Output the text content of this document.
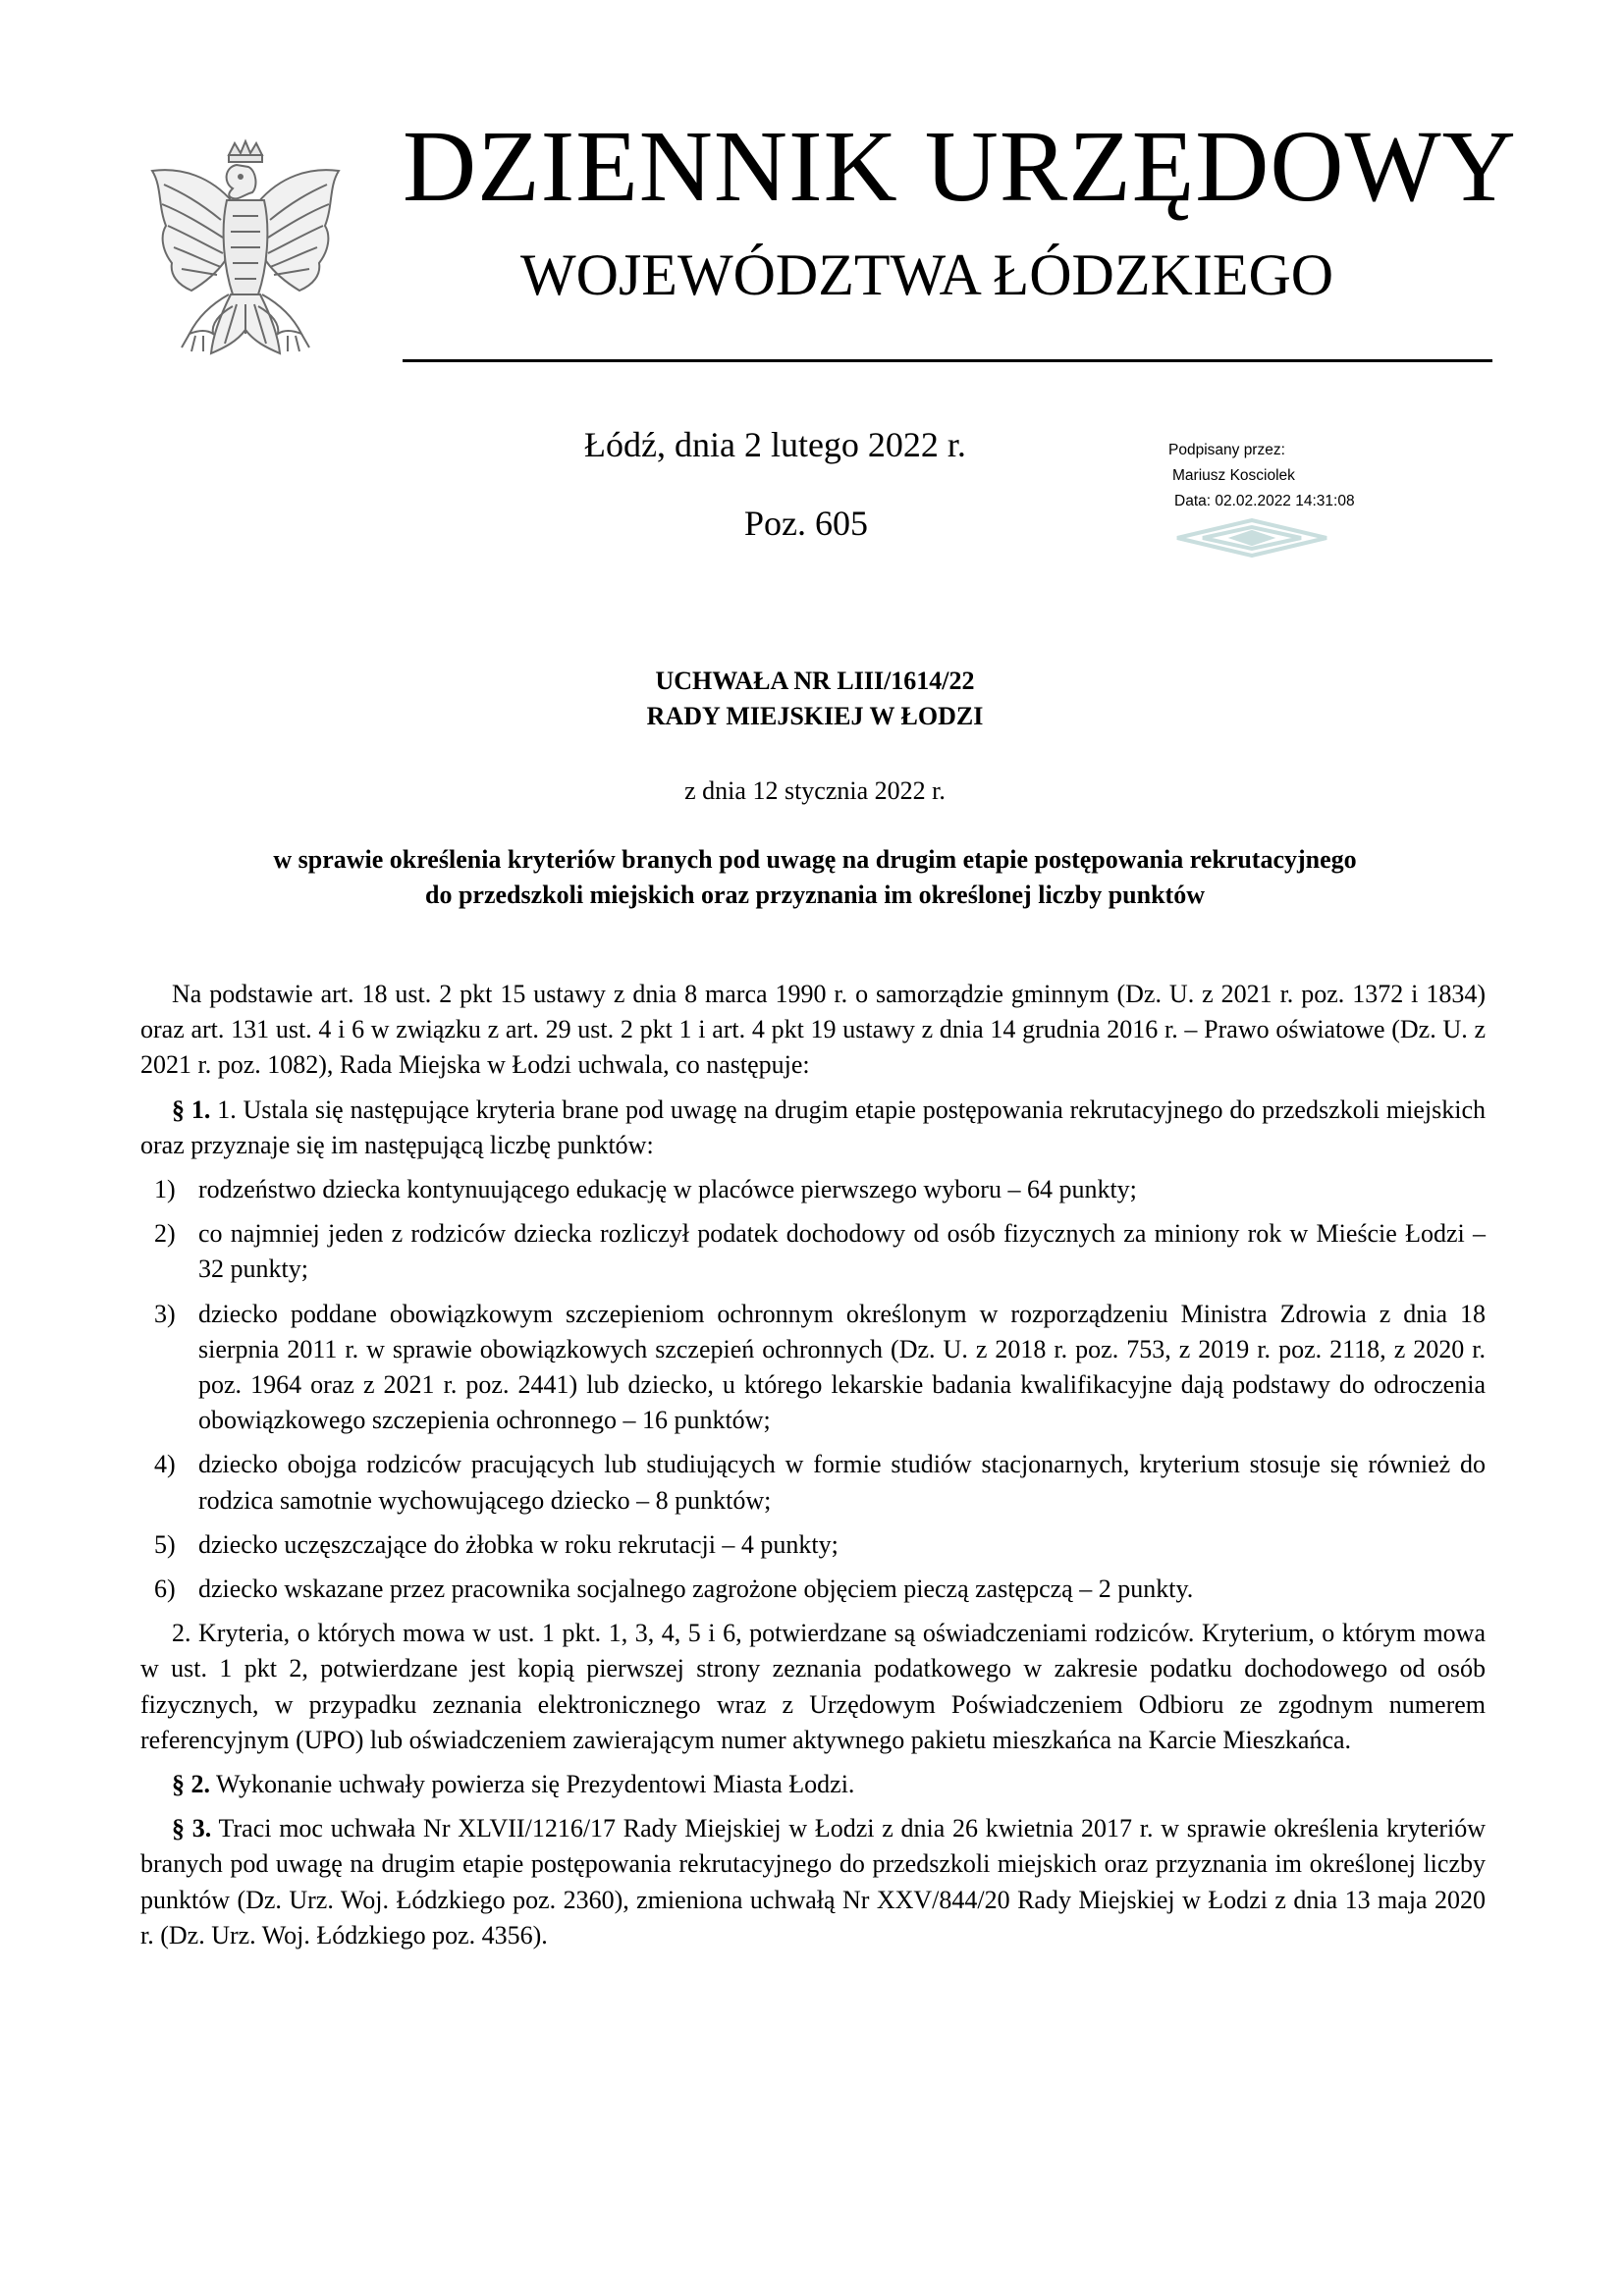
DZIENNIK URZĘDOWY
WOJEWÓDZTWA ŁÓDZKIEGO
Łódź, dnia 2 lutego 2022 r.
Poz. 605
Podpisany przez:
Mariusz Kosciolek
Data: 02.02.2022 14:31:08
UCHWAŁA NR LIII/1614/22
RADY MIEJSKIEJ W ŁODZI
z dnia 12 stycznia 2022 r.
w sprawie określenia kryteriów branych pod uwagę na drugim etapie postępowania rekrutacyjnego
do przedszkoli miejskich oraz przyznania im określonej liczby punktów

Na podstawie art. 18 ust. 2 pkt 15 ustawy z dnia 8 marca 1990 r. o samorządzie gminnym (Dz. U. z 2021 r. poz. 1372 i 1834) oraz art. 131 ust. 4 i 6 w związku z art. 29 ust. 2 pkt 1 i art. 4 pkt 19 ustawy z dnia 14 grudnia 2016 r. – Prawo oświatowe (Dz. U. z 2021 r. poz. 1082), Rada Miejska w Łodzi uchwala, co następuje:

§ 1. 1. Ustala się następujące kryteria brane pod uwagę na drugim etapie postępowania rekrutacyjnego do przedszkoli miejskich oraz przyznaje się im następującą liczbę punktów:

1) rodzeństwo dziecka kontynuującego edukację w placówce pierwszego wyboru – 64 punkty;
2) co najmniej jeden z rodziców dziecka rozliczył podatek dochodowy od osób fizycznych za miniony rok w Mieście Łodzi – 32 punkty;
3) dziecko poddane obowiązkowym szczepieniom ochronnym określonym w rozporządzeniu Ministra Zdrowia z dnia 18 sierpnia 2011 r. w sprawie obowiązkowych szczepień ochronnych (Dz. U. z 2018 r. poz. 753, z 2019 r. poz. 2118, z 2020 r. poz. 1964 oraz z 2021 r. poz. 2441) lub dziecko, u którego lekarskie badania kwalifikacyjne dają podstawy do odroczenia obowiązkowego szczepienia ochronnego – 16 punktów;
4) dziecko obojga rodziców pracujących lub studiujących w formie studiów stacjonarnych, kryterium stosuje się również do rodzica samotnie wychowującego dziecko – 8 punktów;
5) dziecko uczęszczające do żłobka w roku rekrutacji – 4 punkty;
6) dziecko wskazane przez pracownika socjalnego zagrożone objęciem pieczą zastępczą – 2 punkty.

2. Kryteria, o których mowa w ust. 1 pkt. 1, 3, 4, 5 i 6, potwierdzane są oświadczeniami rodziców. Kryterium, o którym mowa w ust. 1 pkt 2, potwierdzane jest kopią pierwszej strony zeznania podatkowego w zakresie podatku dochodowego od osób fizycznych, w przypadku zeznania elektronicznego wraz z Urzędowym Poświadczeniem Odbioru ze zgodnym numerem referencyjnym (UPO) lub oświadczeniem zawierającym numer aktywnego pakietu mieszkańca na Karcie Mieszkańca.

§ 2. Wykonanie uchwały powierza się Prezydentowi Miasta Łodzi.

§ 3. Traci moc uchwała Nr XLVII/1216/17 Rady Miejskiej w Łodzi z dnia 26 kwietnia 2017 r. w sprawie określenia kryteriów branych pod uwagę na drugim etapie postępowania rekrutacyjnego do przedszkoli miejskich oraz przyznania im określonej liczby punktów (Dz. Urz. Woj. Łódzkiego poz. 2360), zmieniona uchwałą Nr XXV/844/20 Rady Miejskiej w Łodzi z dnia 13 maja 2020 r. (Dz. Urz. Woj. Łódzkiego poz. 4356).
